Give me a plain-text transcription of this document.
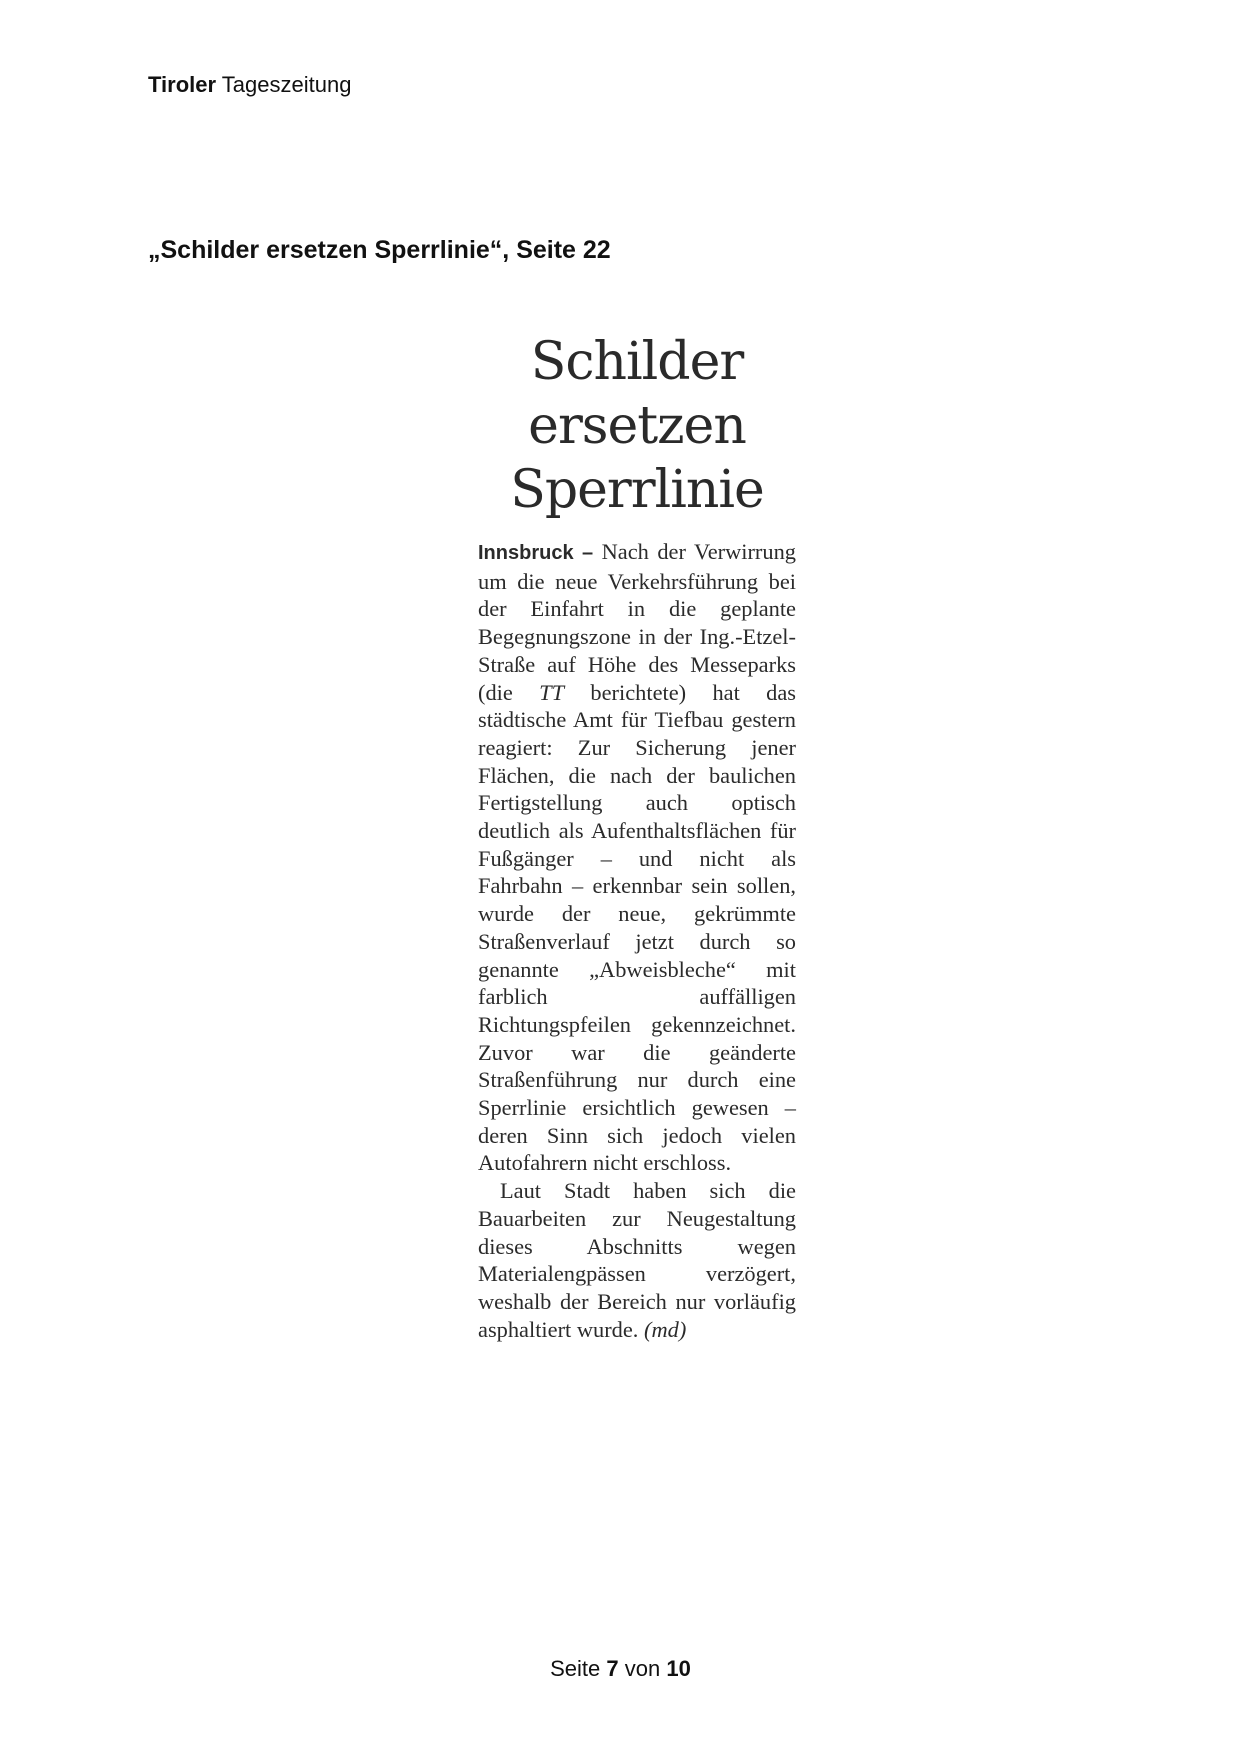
Tiroler Tageszeitung
„Schilder ersetzen Sperrlinie“, Seite 22
Schilder
ersetzen
Sperrlinie

Innsbruck – Nach der Verwirrung um die neue Verkehrsführung bei der Einfahrt in die geplante Begegnungszone in der Ing.-Etzel-Straße auf Höhe des Messeparks (die TT berichtete) hat das städtische Amt für Tiefbau gestern reagiert: Zur Sicherung jener Flächen, die nach der baulichen Fertigstellung auch optisch deutlich als Aufenthaltsflächen für Fußgänger – und nicht als Fahrbahn – erkennbar sein sollen, wurde der neue, gekrümmte Straßenverlauf jetzt durch so genannte „Abweisbleche“ mit farblich auffälligen Richtungspfeilen gekennzeichnet. Zuvor war die geänderte Straßenführung nur durch eine Sperrlinie ersichtlich gewesen – deren Sinn sich jedoch vielen Autofahrern nicht erschloss.

Laut Stadt haben sich die Bauarbeiten zur Neugestaltung dieses Abschnitts wegen Materialengpässen verzögert, weshalb der Bereich nur vorläufig asphaltiert wurde. (md)

Seite 7 von 10
